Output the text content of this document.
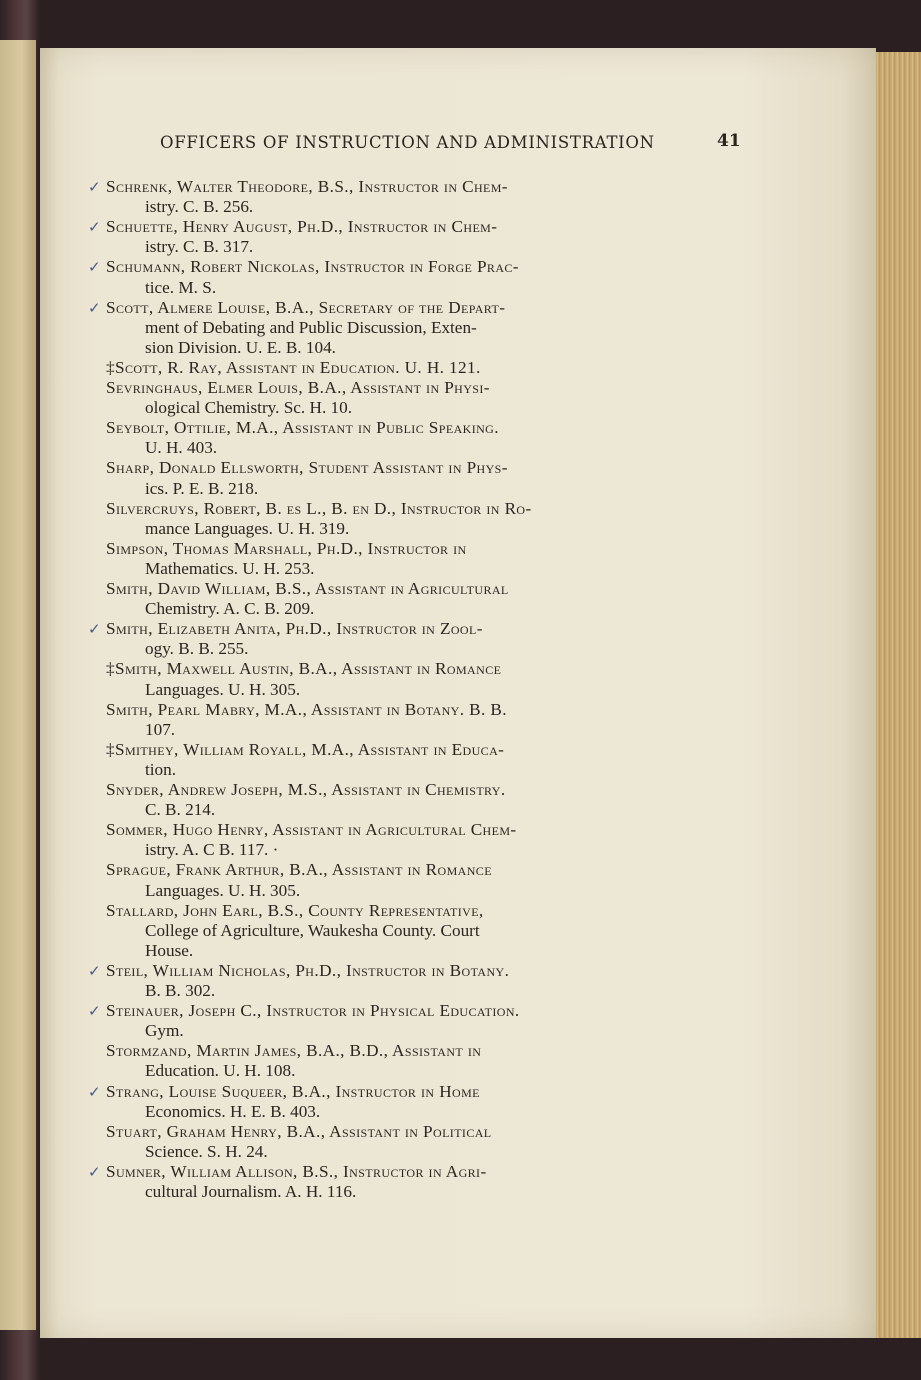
OFFICERS OF INSTRUCTION AND ADMINISTRATION	41
Schrenk, Walter Theodore, B.S., Instructor in Chem-
✓
istry. C. B. 256.
Schuette, Henry August, Ph.D., Instructor in Chem-
✓
istry. C. B. 317.
Schumann, Robert Nickolas, Instructor in Forge Prac-
✓
tice. M. S.
Scott, Almere Louise, B.A., Secretary of the Depart-
✓
ment of Debating and Public Discussion, Exten-
sion Division. U. E. B. 104.
‡Scott, R. Ray, Assistant in Education. U. H. 121.
Sevringhaus, Elmer Louis, B.A., Assistant in Physi-
ological Chemistry. Sc. H. 10.
Seybolt, Ottilie, M.A., Assistant in Public Speaking.
U. H. 403.
Sharp, Donald Ellsworth, Student Assistant in Phys-
ics. P. E. B. 218.
Silvercruys, Robert, B. es L., B. en D., Instructor in Ro-
mance Languages. U. H. 319.
Simpson, Thomas Marshall, Ph.D., Instructor in
Mathematics. U. H. 253.
Smith, David William, B.S., Assistant in Agricultural
Chemistry. A. C. B. 209.
Smith, Elizabeth Anita, Ph.D., Instructor in Zool-
✓
ogy. B. B. 255.
‡Smith, Maxwell Austin, B.A., Assistant in Romance
Languages. U. H. 305.
Smith, Pearl Mabry, M.A., Assistant in Botany. B. B.
107.
‡Smithey, William Royall, M.A., Assistant in Educa-
tion.
Snyder, Andrew Joseph, M.S., Assistant in Chemistry.
C. B. 214.
Sommer, Hugo Henry, Assistant in Agricultural Chem-
istry. A. C B. 117. ·
Sprague, Frank Arthur, B.A., Assistant in Romance
Languages. U. H. 305.
Stallard, John Earl, B.S., County Representative,
College of Agriculture, Waukesha County. Court
House.
Steil, William Nicholas, Ph.D., Instructor in Botany.
✓
B. B. 302.
Steinauer, Joseph C., Instructor in Physical Education.
✓
Gym.
Stormzand, Martin James, B.A., B.D., Assistant in
Education. U. H. 108.
Strang, Louise Suqueer, B.A., Instructor in Home
✓
Economics. H. E. B. 403.
Stuart, Graham Henry, B.A., Assistant in Political
Science. S. H. 24.
Sumner, William Allison, B.S., Instructor in Agri-
✓
cultural Journalism. A. H. 116.
